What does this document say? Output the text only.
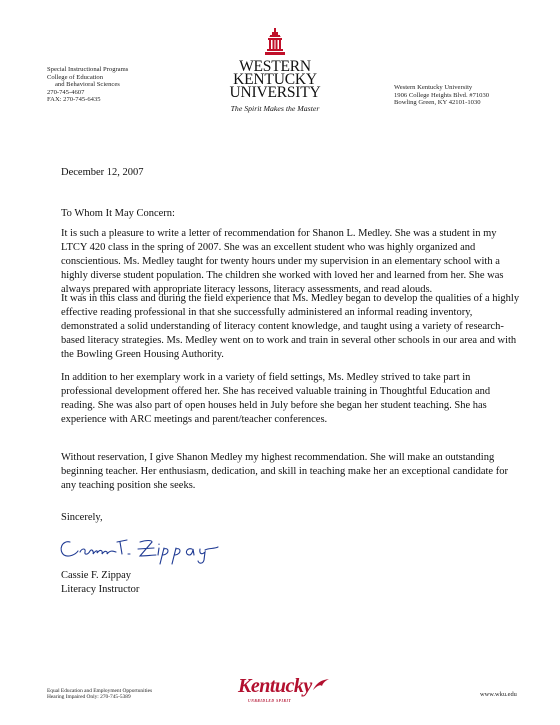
Special Instructional Programs
College of Education
and Behavioral Sciences
270-745-4607
FAX: 270-745-6435
WESTERN
KENTUCKY
UNIVERSITY
The Spirit Makes the Master
Western Kentucky University
1906 College Heights Blvd. #71030
Bowling Green, KY 42101-1030
December 12, 2007
To Whom It May Concern:

It is such a pleasure to write a letter of recommendation for Shanon L. Medley. She was a student in my LTCY 420 class in the spring of 2007. She was an excellent student who was highly organized and conscientious. Ms. Medley taught for twenty hours under my supervision in an elementary school with a highly diverse student population. The children she worked with loved her and learned from her. She was always prepared with appropriate literacy lessons, literacy assessments, and read alouds.

It was in this class and during the field experience that Ms. Medley began to develop the qualities of a highly effective reading professional in that she successfully administered an informal reading inventory, demonstrated a solid understanding of literacy content knowledge, and taught using a variety of research-based literacy strategies. Ms. Medley went on to work and train in several other schools in our area and with the Bowling Green Housing Authority.

In addition to her exemplary work in a variety of field settings, Ms. Medley strived to take part in professional development offered her. She has received valuable training in Thoughtful Education and reading. She was also part of open houses held in July before she began her student teaching. She has experience with ARC meetings and parent/teacher conferences.

Without reservation, I give Shanon Medley my highest recommendation. She will make an outstanding beginning teacher. Her enthusiasm, dedication, and skill in teaching make her an exceptional candidate for any teaching position she seeks.

Sincerely,
Cassie F. Zippay
Literacy Instructor
Equal Education and Employment Opportunities
Hearing Impaired Only: 270-745-5389
Kentucky
UNBRIDLED SPIRIT
www.wku.edu
